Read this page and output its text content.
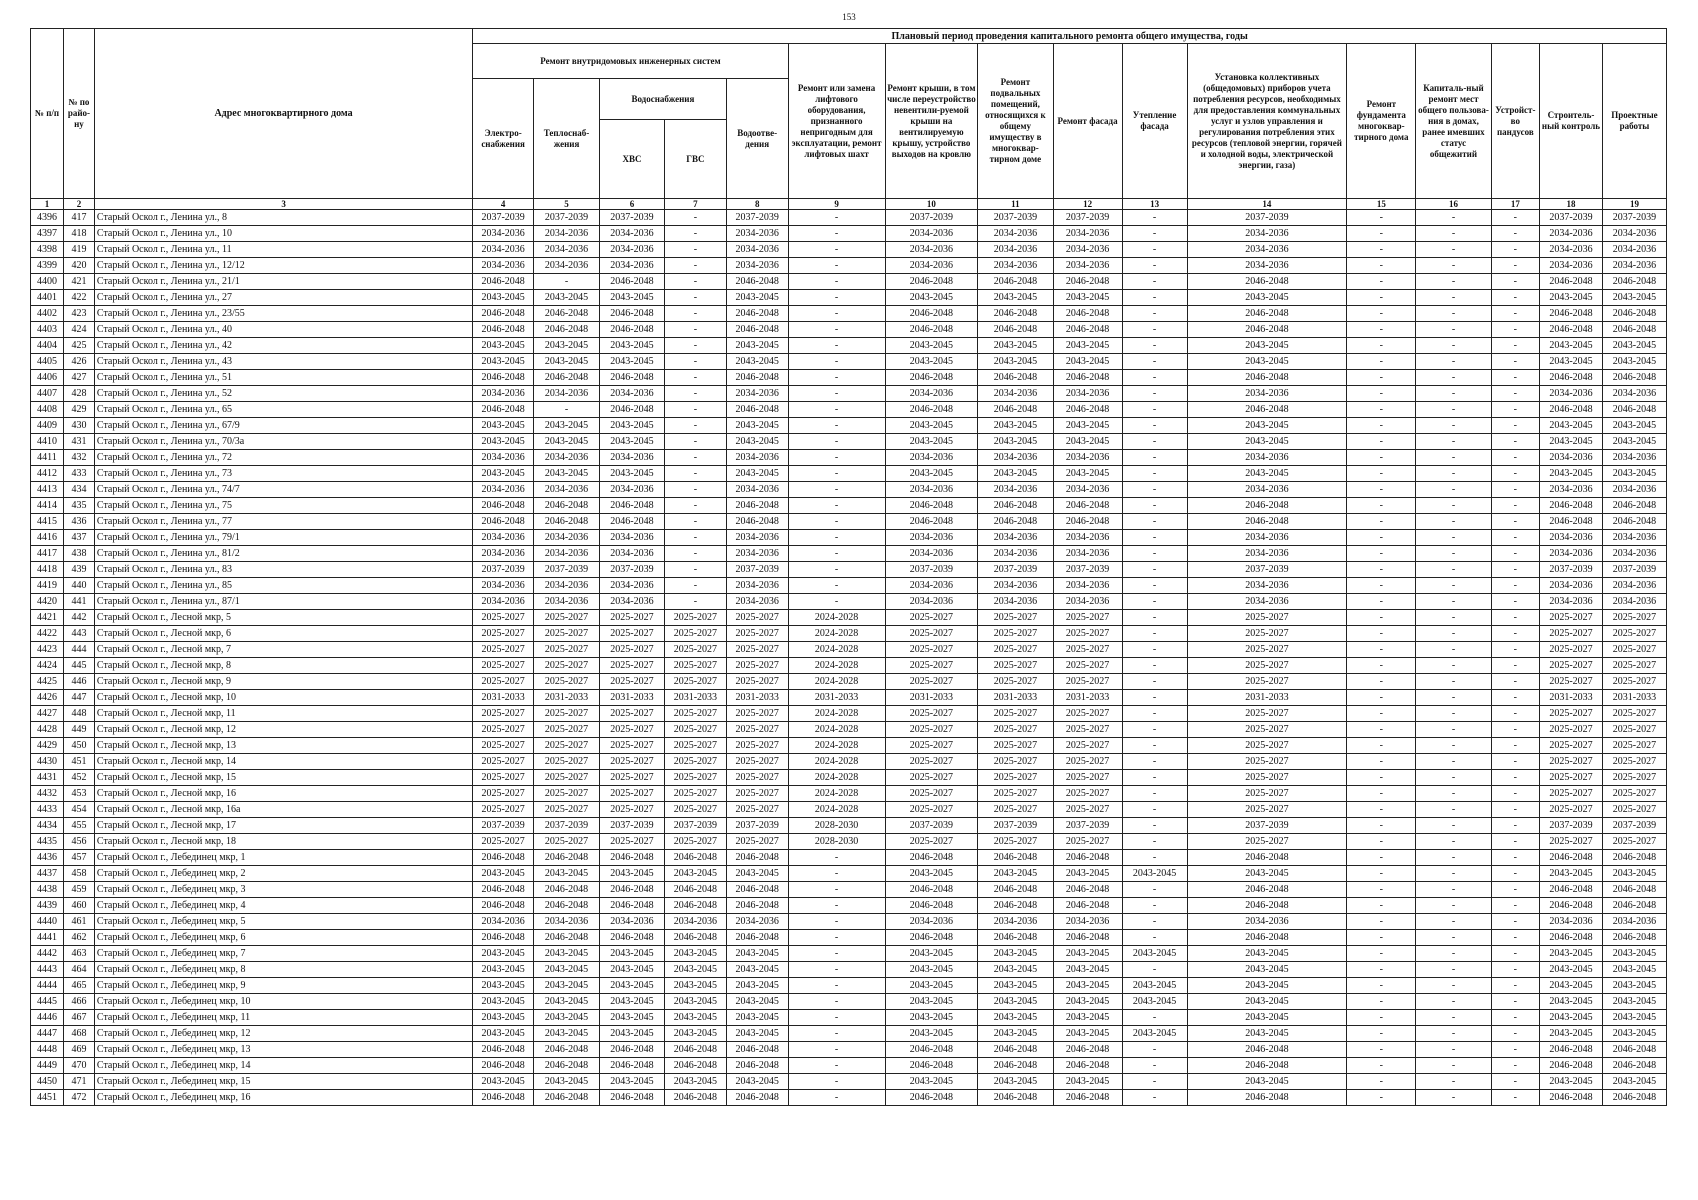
153
№ п/п	№ по райо-ну	Адрес многоквартирного дома	Плановый период проведения капитального ремонта общего имущества, годы															
			Ремонт внутридомовых инженерных систем					Ремонт или замена лифтового оборудования, признанного непригодным для эксплуатации, ремонт лифтовых шахт	Ремонт крыши, в том числе переустройство невентили-руемой крыши на вентилируемую крышу, устройство выходов на кровлю	Ремонт подвальных помещений, относящихся к общему имуществу в многоквар-тирном доме	Ремонт фасада	Утепление фасада	Установка коллективных (общедомовых) приборов учета потребления ресурсов, необходимых для предоставления коммунальных услуг и узлов управления и регулирования потребления этих ресурсов (тепловой энергии, горячей и холодной воды, электрической энергии, газа)	Ремонт фундамента многоквар-тирного дома	Капиталь-ный ремонт мест общего пользова-ния в домах, ранее имевших статус общежитий	Устройст-во пандусов	Строитель-ный контроль	Проектные работы
			Электро-снабжения	Теплоснаб-жения	Водоснабжения		Водоотве-дения											
					ХВС	ГВС												
1	2	3	4	5	6	7	8	9	10	11	12	13	14	15	16	17	18	19
4396	417	Старый Оскол г., Ленина ул., 8	2037-2039	2037-2039	2037-2039	-	2037-2039	-	2037-2039	2037-2039	2037-2039	-	2037-2039	-	-	-	2037-2039	2037-2039
4397	418	Старый Оскол г., Ленина ул., 10	2034-2036	2034-2036	2034-2036	-	2034-2036	-	2034-2036	2034-2036	2034-2036	-	2034-2036	-	-	-	2034-2036	2034-2036
4398	419	Старый Оскол г., Ленина ул., 11	2034-2036	2034-2036	2034-2036	-	2034-2036	-	2034-2036	2034-2036	2034-2036	-	2034-2036	-	-	-	2034-2036	2034-2036
4399	420	Старый Оскол г., Ленина ул., 12/12	2034-2036	2034-2036	2034-2036	-	2034-2036	-	2034-2036	2034-2036	2034-2036	-	2034-2036	-	-	-	2034-2036	2034-2036
4400	421	Старый Оскол г., Ленина ул., 21/1	2046-2048	-	2046-2048	-	2046-2048	-	2046-2048	2046-2048	2046-2048	-	2046-2048	-	-	-	2046-2048	2046-2048
4401	422	Старый Оскол г., Ленина ул., 27	2043-2045	2043-2045	2043-2045	-	2043-2045	-	2043-2045	2043-2045	2043-2045	-	2043-2045	-	-	-	2043-2045	2043-2045
4402	423	Старый Оскол г., Ленина ул., 23/55	2046-2048	2046-2048	2046-2048	-	2046-2048	-	2046-2048	2046-2048	2046-2048	-	2046-2048	-	-	-	2046-2048	2046-2048
4403	424	Старый Оскол г., Ленина ул., 40	2046-2048	2046-2048	2046-2048	-	2046-2048	-	2046-2048	2046-2048	2046-2048	-	2046-2048	-	-	-	2046-2048	2046-2048
4404	425	Старый Оскол г., Ленина ул., 42	2043-2045	2043-2045	2043-2045	-	2043-2045	-	2043-2045	2043-2045	2043-2045	-	2043-2045	-	-	-	2043-2045	2043-2045
4405	426	Старый Оскол г., Ленина ул., 43	2043-2045	2043-2045	2043-2045	-	2043-2045	-	2043-2045	2043-2045	2043-2045	-	2043-2045	-	-	-	2043-2045	2043-2045
4406	427	Старый Оскол г., Ленина ул., 51	2046-2048	2046-2048	2046-2048	-	2046-2048	-	2046-2048	2046-2048	2046-2048	-	2046-2048	-	-	-	2046-2048	2046-2048
4407	428	Старый Оскол г., Ленина ул., 52	2034-2036	2034-2036	2034-2036	-	2034-2036	-	2034-2036	2034-2036	2034-2036	-	2034-2036	-	-	-	2034-2036	2034-2036
4408	429	Старый Оскол г., Ленина ул., 65	2046-2048	-	2046-2048	-	2046-2048	-	2046-2048	2046-2048	2046-2048	-	2046-2048	-	-	-	2046-2048	2046-2048
4409	430	Старый Оскол г., Ленина ул., 67/9	2043-2045	2043-2045	2043-2045	-	2043-2045	-	2043-2045	2043-2045	2043-2045	-	2043-2045	-	-	-	2043-2045	2043-2045
4410	431	Старый Оскол г., Ленина ул., 70/3а	2043-2045	2043-2045	2043-2045	-	2043-2045	-	2043-2045	2043-2045	2043-2045	-	2043-2045	-	-	-	2043-2045	2043-2045
4411	432	Старый Оскол г., Ленина ул., 72	2034-2036	2034-2036	2034-2036	-	2034-2036	-	2034-2036	2034-2036	2034-2036	-	2034-2036	-	-	-	2034-2036	2034-2036
4412	433	Старый Оскол г., Ленина ул., 73	2043-2045	2043-2045	2043-2045	-	2043-2045	-	2043-2045	2043-2045	2043-2045	-	2043-2045	-	-	-	2043-2045	2043-2045
4413	434	Старый Оскол г., Ленина ул., 74/7	2034-2036	2034-2036	2034-2036	-	2034-2036	-	2034-2036	2034-2036	2034-2036	-	2034-2036	-	-	-	2034-2036	2034-2036
4414	435	Старый Оскол г., Ленина ул., 75	2046-2048	2046-2048	2046-2048	-	2046-2048	-	2046-2048	2046-2048	2046-2048	-	2046-2048	-	-	-	2046-2048	2046-2048
4415	436	Старый Оскол г., Ленина ул., 77	2046-2048	2046-2048	2046-2048	-	2046-2048	-	2046-2048	2046-2048	2046-2048	-	2046-2048	-	-	-	2046-2048	2046-2048
4416	437	Старый Оскол г., Ленина ул., 79/1	2034-2036	2034-2036	2034-2036	-	2034-2036	-	2034-2036	2034-2036	2034-2036	-	2034-2036	-	-	-	2034-2036	2034-2036
4417	438	Старый Оскол г., Ленина ул., 81/2	2034-2036	2034-2036	2034-2036	-	2034-2036	-	2034-2036	2034-2036	2034-2036	-	2034-2036	-	-	-	2034-2036	2034-2036
4418	439	Старый Оскол г., Ленина ул., 83	2037-2039	2037-2039	2037-2039	-	2037-2039	-	2037-2039	2037-2039	2037-2039	-	2037-2039	-	-	-	2037-2039	2037-2039
4419	440	Старый Оскол г., Ленина ул., 85	2034-2036	2034-2036	2034-2036	-	2034-2036	-	2034-2036	2034-2036	2034-2036	-	2034-2036	-	-	-	2034-2036	2034-2036
4420	441	Старый Оскол г., Ленина ул., 87/1	2034-2036	2034-2036	2034-2036	-	2034-2036	-	2034-2036	2034-2036	2034-2036	-	2034-2036	-	-	-	2034-2036	2034-2036
4421	442	Старый Оскол г., Лесной мкр, 5	2025-2027	2025-2027	2025-2027	2025-2027	2025-2027	2024-2028	2025-2027	2025-2027	2025-2027	-	2025-2027	-	-	-	2025-2027	2025-2027
4422	443	Старый Оскол г., Лесной мкр, 6	2025-2027	2025-2027	2025-2027	2025-2027	2025-2027	2024-2028	2025-2027	2025-2027	2025-2027	-	2025-2027	-	-	-	2025-2027	2025-2027
4423	444	Старый Оскол г., Лесной мкр, 7	2025-2027	2025-2027	2025-2027	2025-2027	2025-2027	2024-2028	2025-2027	2025-2027	2025-2027	-	2025-2027	-	-	-	2025-2027	2025-2027
4424	445	Старый Оскол г., Лесной мкр, 8	2025-2027	2025-2027	2025-2027	2025-2027	2025-2027	2024-2028	2025-2027	2025-2027	2025-2027	-	2025-2027	-	-	-	2025-2027	2025-2027
4425	446	Старый Оскол г., Лесной мкр, 9	2025-2027	2025-2027	2025-2027	2025-2027	2025-2027	2024-2028	2025-2027	2025-2027	2025-2027	-	2025-2027	-	-	-	2025-2027	2025-2027
4426	447	Старый Оскол г., Лесной мкр, 10	2031-2033	2031-2033	2031-2033	2031-2033	2031-2033	2031-2033	2031-2033	2031-2033	2031-2033	-	2031-2033	-	-	-	2031-2033	2031-2033
4427	448	Старый Оскол г., Лесной мкр, 11	2025-2027	2025-2027	2025-2027	2025-2027	2025-2027	2024-2028	2025-2027	2025-2027	2025-2027	-	2025-2027	-	-	-	2025-2027	2025-2027
4428	449	Старый Оскол г., Лесной мкр, 12	2025-2027	2025-2027	2025-2027	2025-2027	2025-2027	2024-2028	2025-2027	2025-2027	2025-2027	-	2025-2027	-	-	-	2025-2027	2025-2027
4429	450	Старый Оскол г., Лесной мкр, 13	2025-2027	2025-2027	2025-2027	2025-2027	2025-2027	2024-2028	2025-2027	2025-2027	2025-2027	-	2025-2027	-	-	-	2025-2027	2025-2027
4430	451	Старый Оскол г., Лесной мкр, 14	2025-2027	2025-2027	2025-2027	2025-2027	2025-2027	2024-2028	2025-2027	2025-2027	2025-2027	-	2025-2027	-	-	-	2025-2027	2025-2027
4431	452	Старый Оскол г., Лесной мкр, 15	2025-2027	2025-2027	2025-2027	2025-2027	2025-2027	2024-2028	2025-2027	2025-2027	2025-2027	-	2025-2027	-	-	-	2025-2027	2025-2027
4432	453	Старый Оскол г., Лесной мкр, 16	2025-2027	2025-2027	2025-2027	2025-2027	2025-2027	2024-2028	2025-2027	2025-2027	2025-2027	-	2025-2027	-	-	-	2025-2027	2025-2027
4433	454	Старый Оскол г., Лесной мкр, 16а	2025-2027	2025-2027	2025-2027	2025-2027	2025-2027	2024-2028	2025-2027	2025-2027	2025-2027	-	2025-2027	-	-	-	2025-2027	2025-2027
4434	455	Старый Оскол г., Лесной мкр, 17	2037-2039	2037-2039	2037-2039	2037-2039	2037-2039	2028-2030	2037-2039	2037-2039	2037-2039	-	2037-2039	-	-	-	2037-2039	2037-2039
4435	456	Старый Оскол г., Лесной мкр, 18	2025-2027	2025-2027	2025-2027	2025-2027	2025-2027	2028-2030	2025-2027	2025-2027	2025-2027	-	2025-2027	-	-	-	2025-2027	2025-2027
4436	457	Старый Оскол г., Лебединец мкр, 1	2046-2048	2046-2048	2046-2048	2046-2048	2046-2048	-	2046-2048	2046-2048	2046-2048	-	2046-2048	-	-	-	2046-2048	2046-2048
4437	458	Старый Оскол г., Лебединец мкр, 2	2043-2045	2043-2045	2043-2045	2043-2045	2043-2045	-	2043-2045	2043-2045	2043-2045	2043-2045	2043-2045	-	-	-	2043-2045	2043-2045
4438	459	Старый Оскол г., Лебединец мкр, 3	2046-2048	2046-2048	2046-2048	2046-2048	2046-2048	-	2046-2048	2046-2048	2046-2048	-	2046-2048	-	-	-	2046-2048	2046-2048
4439	460	Старый Оскол г., Лебединец мкр, 4	2046-2048	2046-2048	2046-2048	2046-2048	2046-2048	-	2046-2048	2046-2048	2046-2048	-	2046-2048	-	-	-	2046-2048	2046-2048
4440	461	Старый Оскол г., Лебединец мкр, 5	2034-2036	2034-2036	2034-2036	2034-2036	2034-2036	-	2034-2036	2034-2036	2034-2036	-	2034-2036	-	-	-	2034-2036	2034-2036
4441	462	Старый Оскол г., Лебединец мкр, 6	2046-2048	2046-2048	2046-2048	2046-2048	2046-2048	-	2046-2048	2046-2048	2046-2048	-	2046-2048	-	-	-	2046-2048	2046-2048
4442	463	Старый Оскол г., Лебединец мкр, 7	2043-2045	2043-2045	2043-2045	2043-2045	2043-2045	-	2043-2045	2043-2045	2043-2045	2043-2045	2043-2045	-	-	-	2043-2045	2043-2045
4443	464	Старый Оскол г., Лебединец мкр, 8	2043-2045	2043-2045	2043-2045	2043-2045	2043-2045	-	2043-2045	2043-2045	2043-2045	-	2043-2045	-	-	-	2043-2045	2043-2045
4444	465	Старый Оскол г., Лебединец мкр, 9	2043-2045	2043-2045	2043-2045	2043-2045	2043-2045	-	2043-2045	2043-2045	2043-2045	2043-2045	2043-2045	-	-	-	2043-2045	2043-2045
4445	466	Старый Оскол г., Лебединец мкр, 10	2043-2045	2043-2045	2043-2045	2043-2045	2043-2045	-	2043-2045	2043-2045	2043-2045	2043-2045	2043-2045	-	-	-	2043-2045	2043-2045
4446	467	Старый Оскол г., Лебединец мкр, 11	2043-2045	2043-2045	2043-2045	2043-2045	2043-2045	-	2043-2045	2043-2045	2043-2045	-	2043-2045	-	-	-	2043-2045	2043-2045
4447	468	Старый Оскол г., Лебединец мкр, 12	2043-2045	2043-2045	2043-2045	2043-2045	2043-2045	-	2043-2045	2043-2045	2043-2045	2043-2045	2043-2045	-	-	-	2043-2045	2043-2045
4448	469	Старый Оскол г., Лебединец мкр, 13	2046-2048	2046-2048	2046-2048	2046-2048	2046-2048	-	2046-2048	2046-2048	2046-2048	-	2046-2048	-	-	-	2046-2048	2046-2048
4449	470	Старый Оскол г., Лебединец мкр, 14	2046-2048	2046-2048	2046-2048	2046-2048	2046-2048	-	2046-2048	2046-2048	2046-2048	-	2046-2048	-	-	-	2046-2048	2046-2048
4450	471	Старый Оскол г., Лебединец мкр, 15	2043-2045	2043-2045	2043-2045	2043-2045	2043-2045	-	2043-2045	2043-2045	2043-2045	-	2043-2045	-	-	-	2043-2045	2043-2045
4451	472	Старый Оскол г., Лебединец мкр, 16	2046-2048	2046-2048	2046-2048	2046-2048	2046-2048	-	2046-2048	2046-2048	2046-2048	-	2046-2048	-	-	-	2046-2048	2046-2048
